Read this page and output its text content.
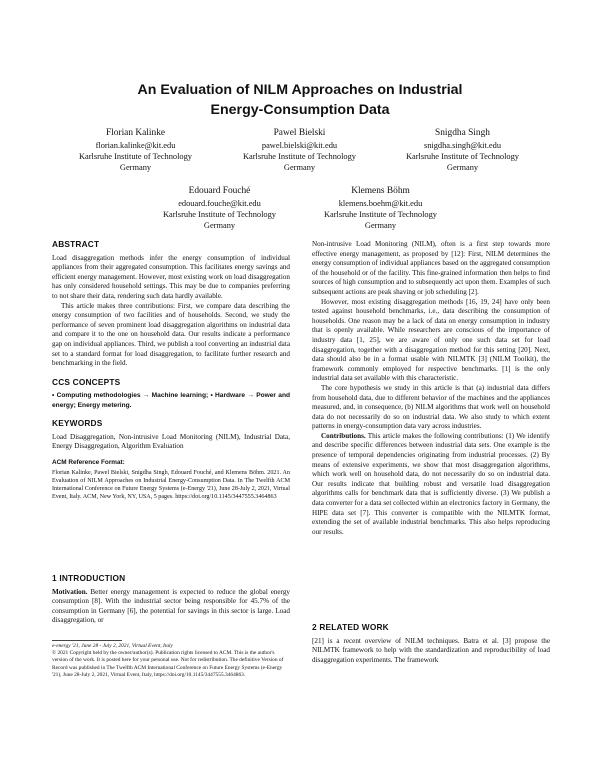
An Evaluation of NILM Approaches on Industrial
Energy-Consumption Data
Florian Kalinke
florian.kalinke@kit.edu
Karlsruhe Institute of Technology
Germany
Pawel Bielski
pawel.bielski@kit.edu
Karlsruhe Institute of Technology
Germany
Snigdha Singh
snigdha.singh@kit.edu
Karlsruhe Institute of Technology
Germany
Edouard Fouché
edouard.fouche@kit.edu
Karlsruhe Institute of Technology
Germany
Klemens Böhm
klemens.boehm@kit.edu
Karlsruhe Institute of Technology
Germany
ABSTRACT

Load disaggregation methods infer the energy consumption of individual appliances from their aggregated consumption. This facilitates energy savings and efficient energy management. However, most existing work on load disaggregation has only considered household settings. This may be due to companies preferring to not share their data, rendering such data hardly available.

This article makes three contributions: First, we compare data describing the energy consumption of two facilities and of households. Second, we study the performance of seven prominent load disaggregation algorithms on industrial data and compare it to the one on household data. Our results indicate a performance gap on individual appliances. Third, we publish a tool converting an industrial data set to a standard format for load disaggregation, to facilitate further research and benchmarking in the field.

CCS CONCEPTS

• Computing methodologies → Machine learning; • Hardware → Power and energy; Energy metering.

KEYWORDS

Load Disaggregation, Non-intrusive Load Monitoring (NILM), Industrial Data, Energy Disaggregation, Algorithm Evaluation

ACM Reference Format:

Florian Kalinke, Pawel Bielski, Snigdha Singh, Edouard Fouché, and Klemens Böhm. 2021. An Evaluation of NILM Approaches on Industrial Energy-Consumption Data. In The Twelfth ACM International Conference on Future Energy Systems (e-Energy '21), June 28-July 2, 2021, Virtual Event, Italy. ACM, New York, NY, USA, 5 pages. https://doi.org/10.1145/3447555.3464863

1 INTRODUCTION

Motivation. Better energy management is expected to reduce the global energy consumption [8]. With the industrial sector being responsible for 45.7% of the consumption in Germany [6], the potential for savings in this sector is large. Load disaggregation, or

e-energy '21, June 28 - July 2, 2021, Virtual Event, Italy
© 2021 Copyright held by the owner/author(s). Publication rights licensed to ACM. This is the author's version of the work. It is posted here for your personal use. Not for redistribution. The definitive Version of Record was published in The Twelfth ACM International Conference on Future Energy Systems (e-Energy '21), June 28-July 2, 2021, Virtual Event, Italy, https://doi.org/10.1145/3447555.3464863.

Non-intrusive Load Monitoring (NILM), often is a first step towards more effective energy management, as proposed by [12]: First, NILM determines the energy consumption of individual appliances based on the aggregated consumption of the household or of the facility. This fine-grained information then helps to find sources of high consumption and to subsequently act upon them. Examples of such subsequent actions are peak shaving or job scheduling [2].

However, most existing disaggregation methods [16, 19, 24] have only been tested against household benchmarks, i.e., data describing the consumption of households. One reason may be a lack of data on energy consumption in industry that is openly available. While researchers are conscious of the importance of industry data [1, 25], we are aware of only one such data set for load disaggregation, together with a disaggregation method for this setting [20]. Next, data should also be in a format usable with NILMTK [3] (NILM Toolkit), the framework commonly employed for respective benchmarks. [1] is the only industrial data set available with this characteristic.

The core hypothesis we study in this article is that (a) industrial data differs from household data, due to different behavior of the machines and the appliances measured, and, in consequence, (b) NILM algorithms that work well on household data do not necessarily do so on industrial data. We also study to which extent patterns in energy-consumption data vary across industries.

Contributions. This article makes the following contributions: (1) We identify and describe specific differences between industrial data sets. One example is the presence of temporal dependencies originating from industrial processes. (2) By means of extensive experiments, we show that most disaggregation algorithms, which work well on household data, do not necessarily do so on industrial data. Our results indicate that building robust and versatile load disaggregation algorithms calls for benchmark data that is sufficiently diverse. (3) We publish a data converter for a data set collected within an electronics factory in Germany, the HIPE data set [7]. This converter is compatible with the NILMTK format, extending the set of available industrial benchmarks. This also helps reproducing our results.

2 RELATED WORK

[21] is a recent overview of NILM techniques. Batra et al. [3] propose the NILMTK framework to help with the standardization and reproducibility of load disaggregation experiments. The framework
